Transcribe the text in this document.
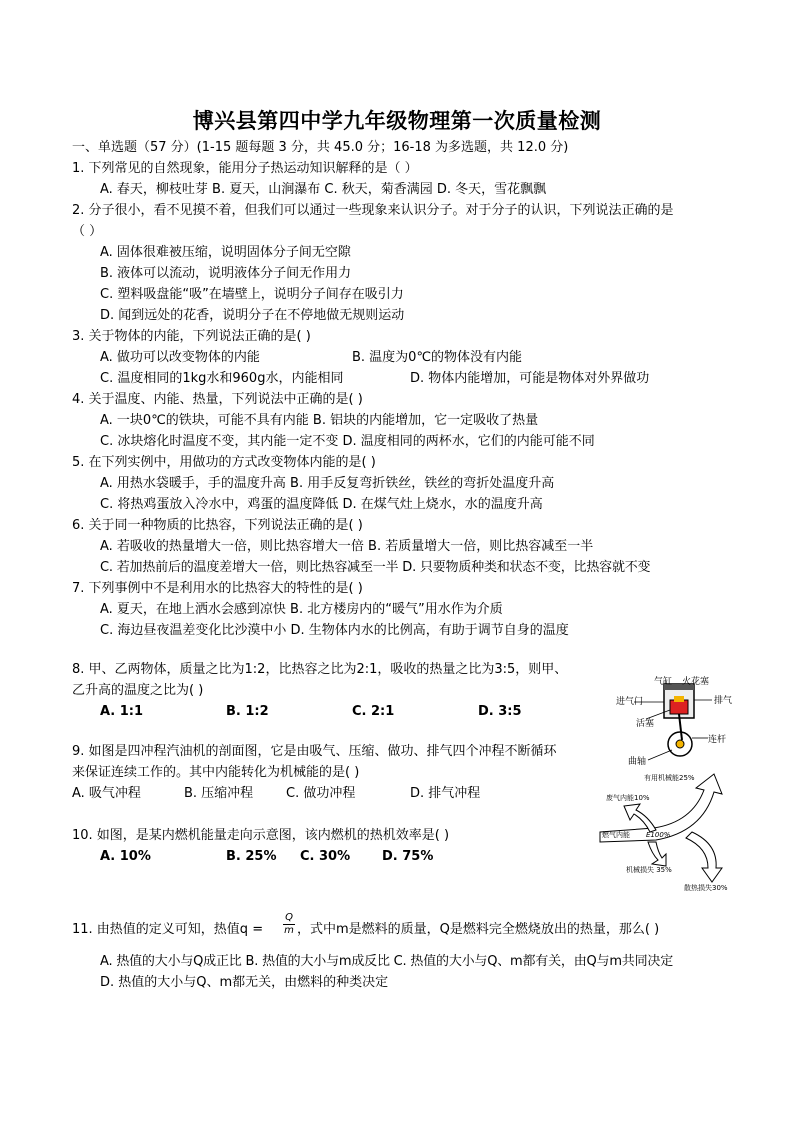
博兴县第四中学九年级物理第一次质量检测
一、单选题（57 分）(1-15 题每题 3 分，共 45.0 分；16-18 为多选题，共 12.0 分)
1. 下列常见的自然现象，能用分子热运动知识解释的是（ ）
A. 春天，柳枝吐芽 B. 夏天，山涧瀑布 C. 秋天，菊香满园 D. 冬天，雪花飘飘
2. 分子很小，看不见摸不着，但我们可以通过一些现象来认识分子。对于分子的认识，下列说法正确的是
（ ）
A. 固体很难被压缩，说明固体分子间无空隙
B. 液体可以流动，说明液体分子间无作用力
C. 塑料吸盘能“吸”在墙壁上，说明分子间存在吸引力
D. 闻到远处的花香，说明分子在不停地做无规则运动
3. 关于物体的内能，下列说法正确的是( )
A. 做功可以改变物体的内能	B. 温度为0℃的物体没有内能
C. 温度相同的1kg水和960g水，内能相同	D. 物体内能增加，可能是物体对外界做功
4. 关于温度、内能、热量，下列说法中正确的是( )
A. 一块0℃的铁块，可能不具有内能 B. 铝块的内能增加，它一定吸收了热量
C. 冰块熔化时温度不变，其内能一定不变 D. 温度相同的两杯水，它们的内能可能不同
5. 在下列实例中，用做功的方式改变物体内能的是( )
A. 用热水袋暖手，手的温度升高 B. 用手反复弯折铁丝，铁丝的弯折处温度升高
C. 将热鸡蛋放入冷水中，鸡蛋的温度降低 D. 在煤气灶上烧水，水的温度升高
6. 关于同一种物质的比热容，下列说法正确的是( )
A. 若吸收的热量增大一倍，则比热容增大一倍 B. 若质量增大一倍，则比热容减至一半
C. 若加热前后的温度差增大一倍，则比热容减至一半 D. 只要物质种类和状态不变，比热容就不变
7. 下列事例中不是利用水的比热容大的特性的是( )
A. 夏天，在地上洒水会感到凉快 B. 北方楼房内的“暖气”用水作为介质
C. 海边昼夜温差变化比沙漠中小 D. 生物体内水的比例高，有助于调节自身的温度
8. 甲、乙两物体，质量之比为1:2，比热容之比为2:1，吸收的热量之比为3:5，则甲、
乙升高的温度之比为( )
A. 1:1	B. 1:2	C. 2:1	D. 3:5
9. 如图是四冲程汽油机的剖面图，它是由吸气、压缩、做功、排气四个冲程不断循环
来保证连续工作的。其中内能转化为机械能的是( )
A. 吸气冲程	B. 压缩冲程	C. 做功冲程	D. 排气冲程
10. 如图，是某内燃机能量走向示意图，该内燃机的热机效率是( )
A. 10%	B. 25% C. 30% D. 75%
11. 由热值的定义可知，热值$q = \frac{Q}{m}$ ，式中m是燃料的质量，Q是燃料完全燃烧放出的热量，那么( )
A. 热值的大小与Q成正比 B. 热值的大小与m成反比 C. 热值的大小与Q、m都有关，由Q与m共同决定
D. 热值的大小与Q、m都无关，由燃料的种类决定
气缸 火花塞
进气门	排气
活塞
连杆
曲轴
有用机械能25%
废气内能10%
燃气内能 E100%
机械损失 35%
散热损失30%
